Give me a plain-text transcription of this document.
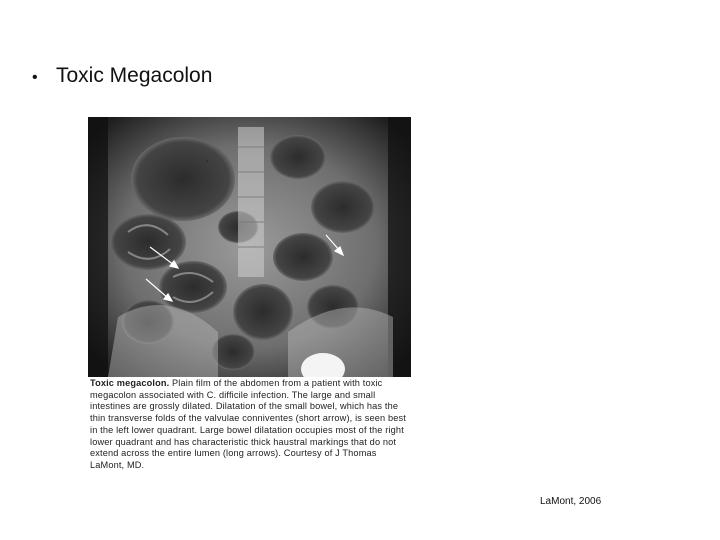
• Toxic Megacolon
*
Toxic megacolon. Plain film of the abdomen from a patient with toxic megacolon associated with C. difficile infection. The large and small intestines are grossly dilated. Dilatation of the small bowel, which has the thin transverse folds of the valvulae conniventes (short arrow), is seen best in the left lower quadrant. Large bowel dilatation occupies most of the right lower quadrant and has characteristic thick haustral markings that do not extend across the entire lumen (long arrows). Courtesy of J Thomas LaMont, MD.
LaMont, 2006
